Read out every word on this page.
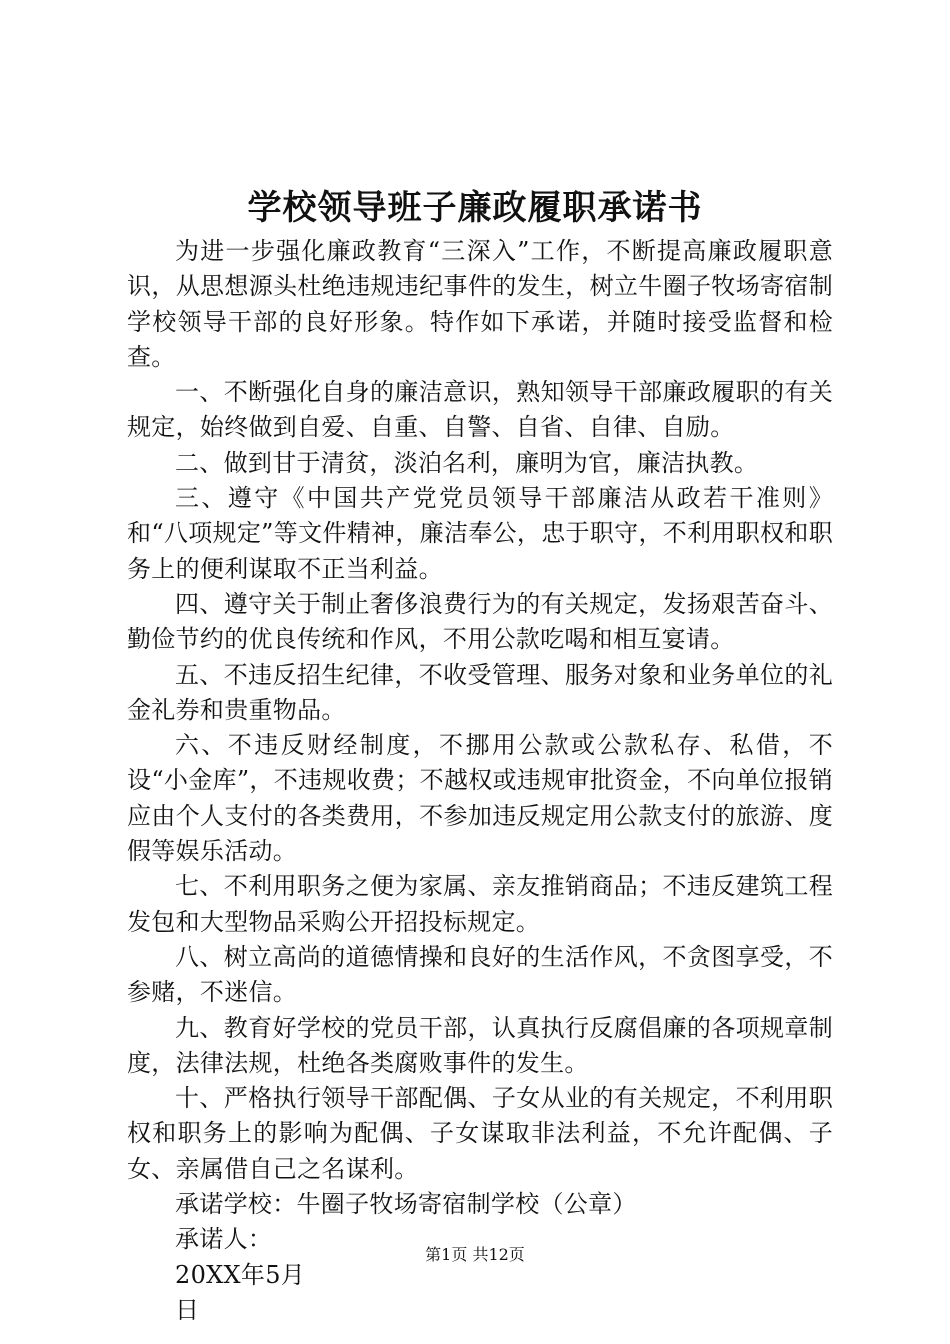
学校领导班子廉政履职承诺书

为进一步强化廉政教育“三深入”工作，不断提高廉政履职意识，从思想源头杜绝违规违纪事件的发生，树立牛圈子牧场寄宿制学校领导干部的良好形象。特作如下承诺，并随时接受监督和检查。

一、不断强化自身的廉洁意识，熟知领导干部廉政履职的有关规定，始终做到自爱、自重、自警、自省、自律、自励。

二、做到甘于清贫，淡泊名利，廉明为官，廉洁执教。

三、遵守《中国共产党党员领导干部廉洁从政若干准则》和“八项规定”等文件精神，廉洁奉公，忠于职守，不利用职权和职务上的便利谋取不正当利益。

四、遵守关于制止奢侈浪费行为的有关规定，发扬艰苦奋斗、勤俭节约的优良传统和作风，不用公款吃喝和相互宴请。

五、不违反招生纪律，不收受管理、服务对象和业务单位的礼金礼券和贵重物品。

六、不违反财经制度，不挪用公款或公款私存、私借，不设“小金库”，不违规收费；不越权或违规审批资金，不向单位报销应由个人支付的各类费用，不参加违反规定用公款支付的旅游、度假等娱乐活动。

七、不利用职务之便为家属、亲友推销商品；不违反建筑工程发包和大型物品采购公开招投标规定。

八、树立高尚的道德情操和良好的生活作风，不贪图享受，不参赌，不迷信。

九、教育好学校的党员干部，认真执行反腐倡廉的各项规章制度，法律法规，杜绝各类腐败事件的发生。

十、严格执行领导干部配偶、子女从业的有关规定，不利用职权和职务上的影响为配偶、子女谋取非法利益，不允许配偶、子女、亲属借自己之名谋利。

承诺学校：牛圈子牧场寄宿制学校（公章）

承诺人：

20XX年5月

日

第1页 共12页
